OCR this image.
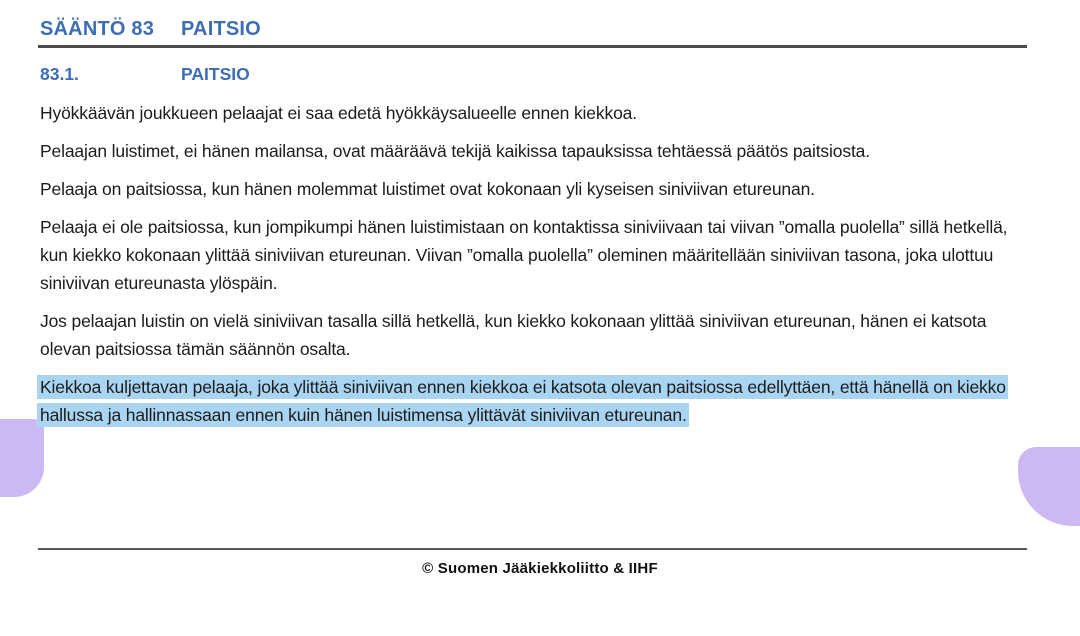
SÄÄNTÖ 83	PAITSIO
83.1.	PAITSIO

Hyökkäävän joukkueen pelaajat ei saa edetä hyökkäysalueelle ennen kiekkoa.

Pelaajan luistimet, ei hänen mailansa, ovat määräävä tekijä kaikissa tapauksissa tehtäessä päätös paitsiosta.

Pelaaja on paitsiossa, kun hänen molemmat luistimet ovat kokonaan yli kyseisen siniviivan etureunan.

Pelaaja ei ole paitsiossa, kun jompikumpi hänen luistimistaan on kontaktissa siniviivaan tai viivan ”omalla puolella” sillä hetkellä, kun kiekko kokonaan ylittää siniviivan etureunan. Viivan ”omalla puolella” oleminen määritellään siniviivan tasona, joka ulottuu siniviivan etureunasta ylöspäin.

Jos pelaajan luistin on vielä siniviivan tasalla sillä hetkellä, kun kiekko kokonaan ylittää siniviivan etureunan, hänen ei katsota olevan paitsiossa tämän säännön osalta.

Kiekkoa kuljettavan pelaaja, joka ylittää siniviivan ennen kiekkoa ei katsota olevan paitsiossa edellyttäen, että hänellä on kiekko hallussa ja hallinnassaan ennen kuin hänen luistimensa ylittävät siniviivan etureunan.

© Suomen Jääkiekkoliitto & IIHF
